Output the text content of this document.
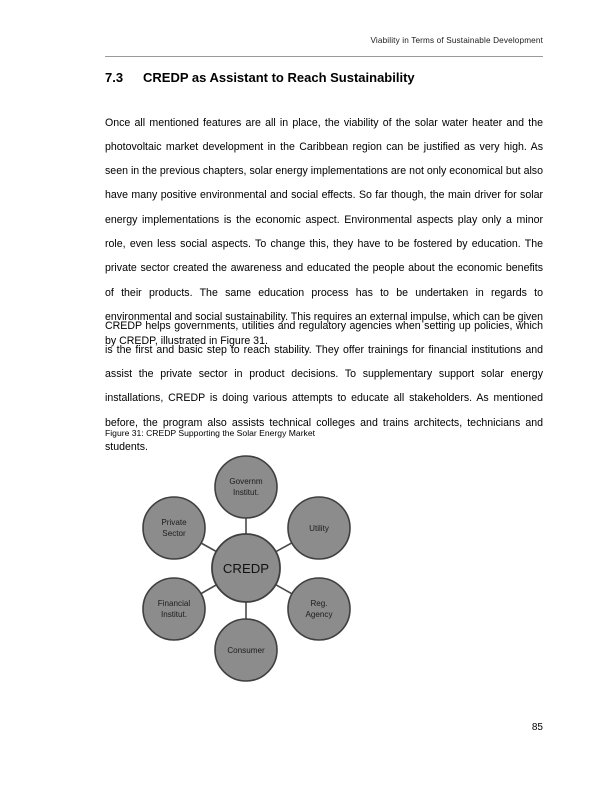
Viability in Terms of Sustainable Development
7.3 CREDP as Assistant to Reach Sustainability

Once all mentioned features are all in place, the viability of the solar water heater and the photovoltaic market development in the Caribbean region can be justified as very high. As seen in the previous chapters, solar energy implementations are not only economical but also have many positive environmental and social effects. So far though, the main driver for solar energy implementations is the economic aspect. Environmental aspects play only a minor role, even less social aspects. To change this, they have to be fostered by education. The private sector created the awareness and educated the people about the economic benefits of their products. The same education process has to be undertaken in regards to environmental and social sustainability. This requires an external impulse, which can be given by CREDP, illustrated in Figure 31.

CREDP helps governments, utilities and regulatory agencies when setting up policies, which is the first and basic step to reach stability. They offer trainings for financial institutions and assist the private sector in product decisions. To supplementary support solar energy installations, CREDP is doing various attempts to educate all stakeholders. As mentioned before, the program also assists technical colleges and trains architects, technicians and students.

Figure 31: CREDP Supporting the Solar Energy Market
Governm
Institut.
Utility
Reg.
Agency
Consumer
Financial
Institut.
Private
Sector
CREDP
85
